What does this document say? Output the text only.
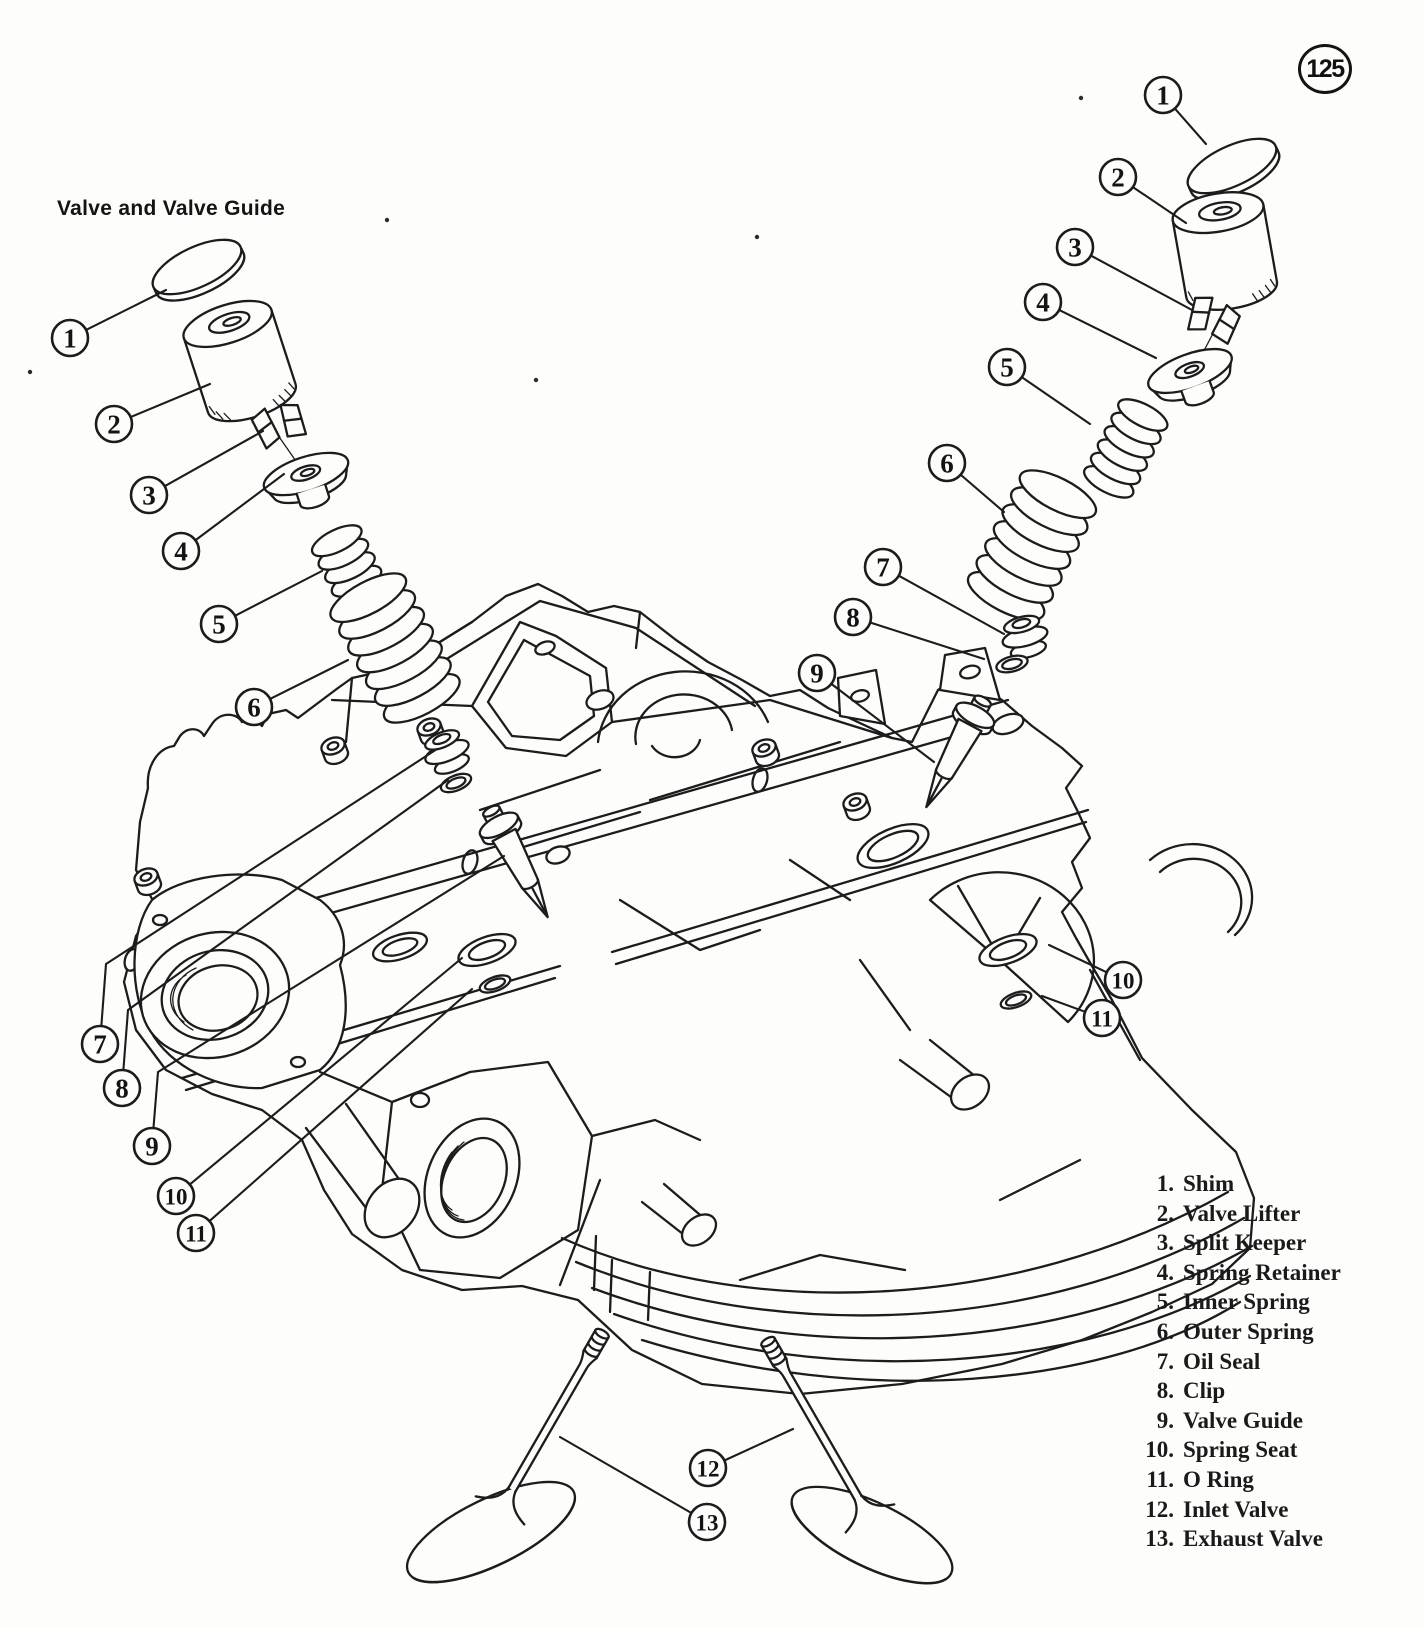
1
2
3
4
5
6
7
8
9
10
11
1
2
3
4
5
6
7
8
9
10
11
12
13
Valve and Valve Guide
125
1. Shim
2. Valve Lifter
3. Split Keeper
4. Spring Retainer
5. Inner Spring
6. Outer Spring
7. Oil Seal
8. Clip
9. Valve Guide
10. Spring Seat
11. O Ring
12. Inlet Valve
13. Exhaust Valve
